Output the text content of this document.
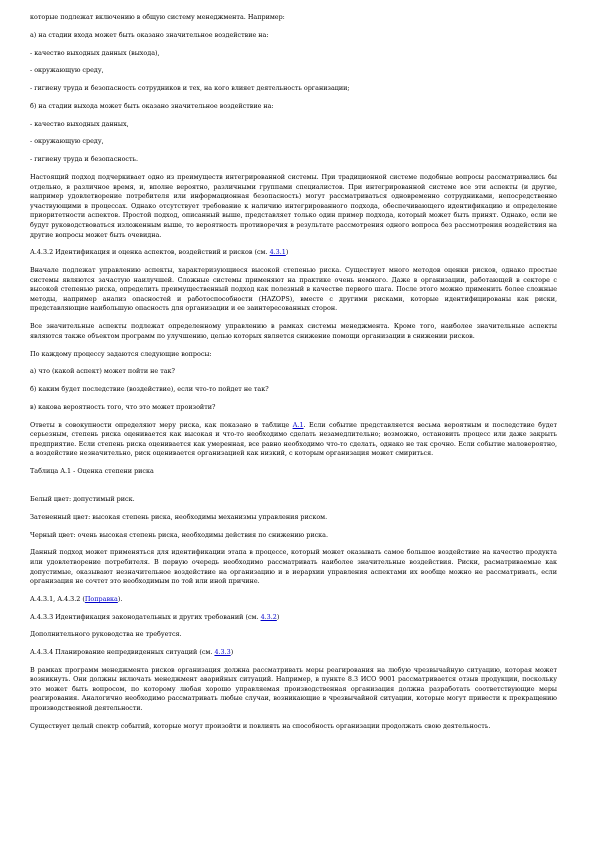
которые подлежат включению в общую систему менеджмента. Например:

а) на стадии входа может быть оказано значительное воздействие на:

- качество выходных данных (выхода),

- окружающую среду,

- гигиену труда и безопасность сотрудников и тех, на кого влияет деятельность организации;

б) на стадии выхода может быть оказано значительное воздействие на:

- качество выходных данных,

- окружающую среду,

- гигиену труда и безопасность.

Настоящий подход подчеркивает одно из преимуществ интегрированной системы. При традиционной системе подобные вопросы рассматривались бы отдельно, в различное время, и, вполне вероятно, различными группами специалистов. При интегрированной системе все эти аспекты (и другие, например удовлетворение потребителя или информационная безопасность) могут рассматриваться одновременно сотрудниками, непосредственно участвующими в процессах. Однако отсутствует требование к наличию интегрированного подхода, обеспечивающего идентификацию и определение приоритетности аспектов. Простой подход, описанный выше, представляет только один пример подхода, который может быть принят. Однако, если не будут руководствоваться изложенным выше, то вероятность противоречия в результате рассмотрения одного вопроса без рассмотрения воздействия на другие вопросы может быть очевидна.

А.4.3.2 Идентификация и оценка аспектов, воздействий и рисков (см. 4.3.1)

Вначале подлежат управлению аспекты, характеризующиеся высокой степенью риска. Существует много методов оценки рисков, однако простые системы являются зачастую наилучшей. Сложные системы применяют на практике очень немного. Даже в организации, работающей в секторе с высокой степенью риска, определить преимущественный подход как полезный в качестве первого шага. После этого можно применить более сложные методы, например анализ опасностей и работоспособности (HAZOPS), вместе с другими рисками, которые идентифицированы как риски, представляющие наибольшую опасность для организации и ее заинтересованных сторон.

Все значительные аспекты подлежат определенному управлению в рамках системы менеджмента. Кроме того, наиболее значительные аспекты являются также объектом программ по улучшению, целью которых является снижение помощи организации в снижении рисков.

По каждому процессу задаются следующие вопросы:

а) что (какой аспект) может пойти не так?

б) каким будет последствие (воздействие), если что-то пойдет не так?

в) какова вероятность того, что это может произойти?

Ответы в совокупности определяют меру риска, как показано в таблице А.1. Если событие представляется весьма вероятным и последствие будет серьезным, степень риска оценивается как высокая и что-то необходимо сделать незамедлительно; возможно, остановить процесс или даже закрыть предприятие. Если степень риска оценивается как умеренная, все равно необходимо что-то сделать, однако не так срочно. Если событие маловероятно, а воздействие незначительно, риск оценивается организацией как низкий, с которым организация может смириться.

Таблица А.1 - Оценка степени риска

Белый цвет: допустимый риск.

Затененный цвет: высокая степень риска, необходимы механизмы управления риском.

Черный цвет: очень высокая степень риска, необходимы действия по снижению риска.

Данный подход может применяться для идентификации этапа в процессе, который может оказывать самое большое воздействие на качество продукта или удовлетворение потребителя. В первую очередь необходимо рассматривать наиболее значительные воздействия. Риски, расматриваемые как допустимые, оказывают незначительное воздействие на организацию и в иерархии управления аспектами их вообще можно не рассматривать, если организация не сочтет это необходимым по той или иной причине.

А.4.3.1, А.4.3.2 (Поправка).

А.4.3.3 Идентификация законодательных и других требований (см. 4.3.2)

Дополнительного руководства не требуется.

А.4.3.4 Планирование непредвиденных ситуаций (см. 4.3.3)

В рамках программ менеджмента рисков организация должна рассматривать меры реагирования на любую чрезвычайную ситуацию, которая может возникнуть. Они должны включать менеджмент аварийных ситуаций. Например, в пункте 8.3 ИСО 9001 рассматривается отзыв продукции, поскольку это может быть вопросом, по которому любая хорошо управляемая производственная организация должна разработать соответствующие меры реагирования. Аналогично необходимо рассматривать любые случаи, возникающие в чрезвычайной ситуации, которые могут привести к прекращению производственной деятельности.

Существует целый спектр событий, которые могут произойти и повлиять на способность организации продолжать свою деятельность.
